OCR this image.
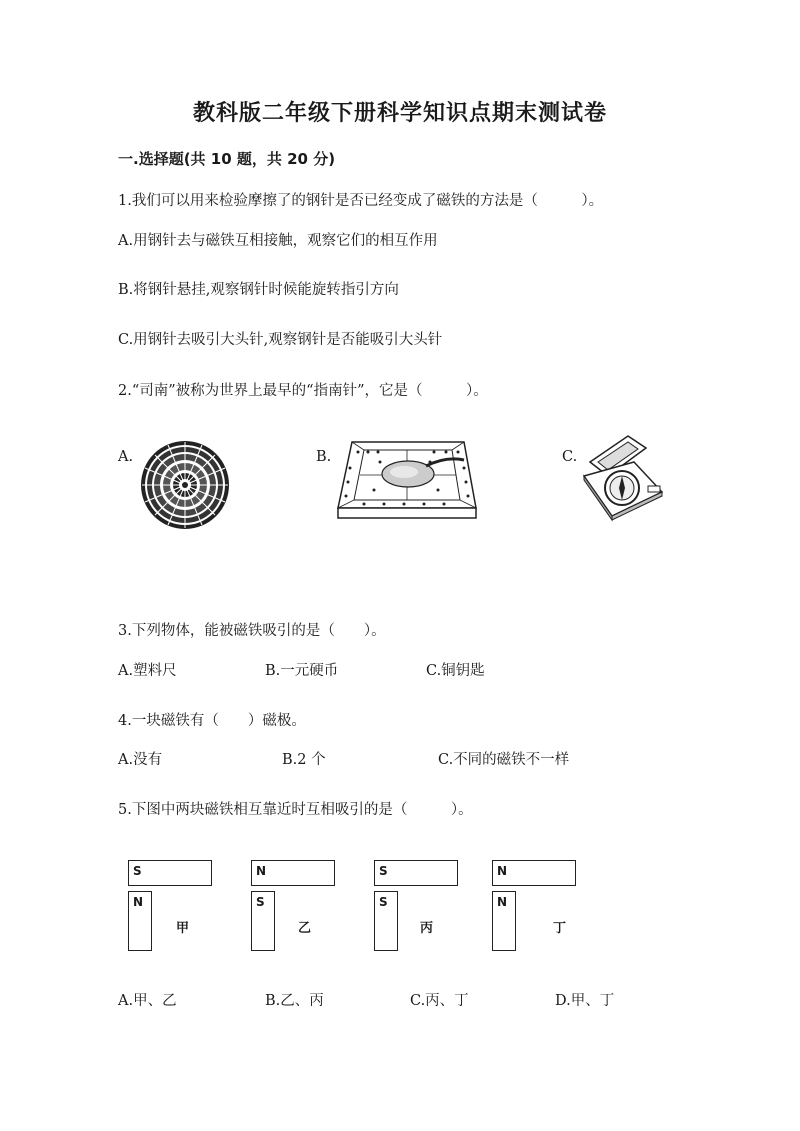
教科版二年级下册科学知识点期末测试卷
一.选择题(共 10 题，共 20 分)
1.我们可以用来检验摩擦了的钢针是否已经变成了磁铁的方法是（　　　）。
A.用钢针去与磁铁互相接触，观察它们的相互作用
B.将钢针悬挂,观察钢针时候能旋转指引方向
C.用钢针去吸引大头针,观察钢针是否能吸引大头针
2.“司南”被称为世界上最早的“指南针”，它是（　　　）。
A.	B.	C.
3.下列物体，能被磁铁吸引的是（　　）。
A.塑料尺	B.一元硬币	C.铜钥匙
4.一块磁铁有（　　）磁极。
A.没有	B.2 个	C.不同的磁铁不一样
5.下图中两块磁铁相互靠近时互相吸引的是（　　　）。
S
N
甲
N
S
乙
S
S
丙
N
N
丁
A.甲、乙	B.乙、丙	C.丙、丁	D.甲、丁
